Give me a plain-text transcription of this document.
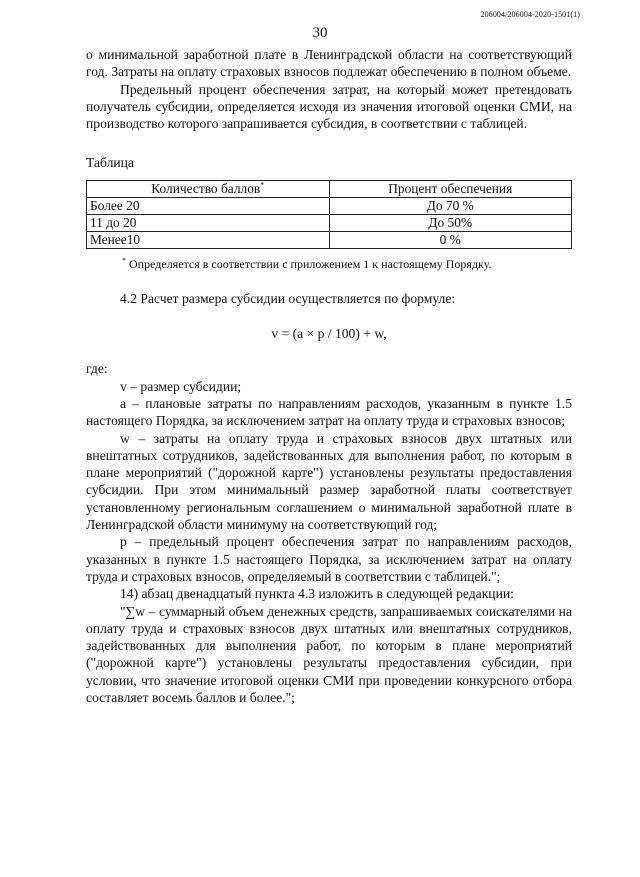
206004/206004-2020-1501(1)
30

о минимальной заработной плате в Ленинградской области на соответствующий год. Затраты на оплату страховых взносов подлежат обеспечению в полном объеме.

Предельный процент обеспечения затрат, на который может претендовать получатель субсидии, определяется исходя из значения итоговой оценки СМИ, на производство которого запрашивается субсидия, в соответствии с таблицей.

Таблица

Количество баллов*	Процент обеспечения
Более 20	До 70 %
11 до 20	До 50%
Менее10	0 %

* Определяется в соответствии с приложением 1 к настоящему Порядку.

4.2 Расчет размера субсидии осуществляется по формуле:

v = (a × p / 100) + w,

где:

v – размер субсидии;

a – плановые затраты по направлениям расходов, указанным в пункте 1.5 настоящего Порядка, за исключением затрат на оплату труда и страховых взносов;

w – затраты на оплату труда и страховых взносов двух штатных или внештатных сотрудников, задействованных для выполнения работ, по которым в плане мероприятий ("дорожной карте") установлены результаты предоставления субсидии. При этом минимальный размер заработной платы соответствует установленному региональным соглашением о минимальной заработной плате в Ленинградской области минимуму на соответствующий год;

p – предельный процент обеспечения затрат по направлениям расходов, указанных в пункте 1.5 настоящего Порядка, за исключением затрат на оплату труда и страховых взносов, определяемый в соответствии с таблицей.";

14) абзац двенадцатый пункта 4.3 изложить в следующей редакции:

"∑w – суммарный объем денежных средств, запрашиваемых соискателями на оплату труда и страховых взносов двух штатных или внештатных сотрудников, задействованных для выполнения работ, по которым в плане мероприятий ("дорожной карте") установлены результаты предоставления субсидии, при условии, что значение итоговой оценки СМИ при проведении конкурсного отбора составляет восемь баллов и более.";
